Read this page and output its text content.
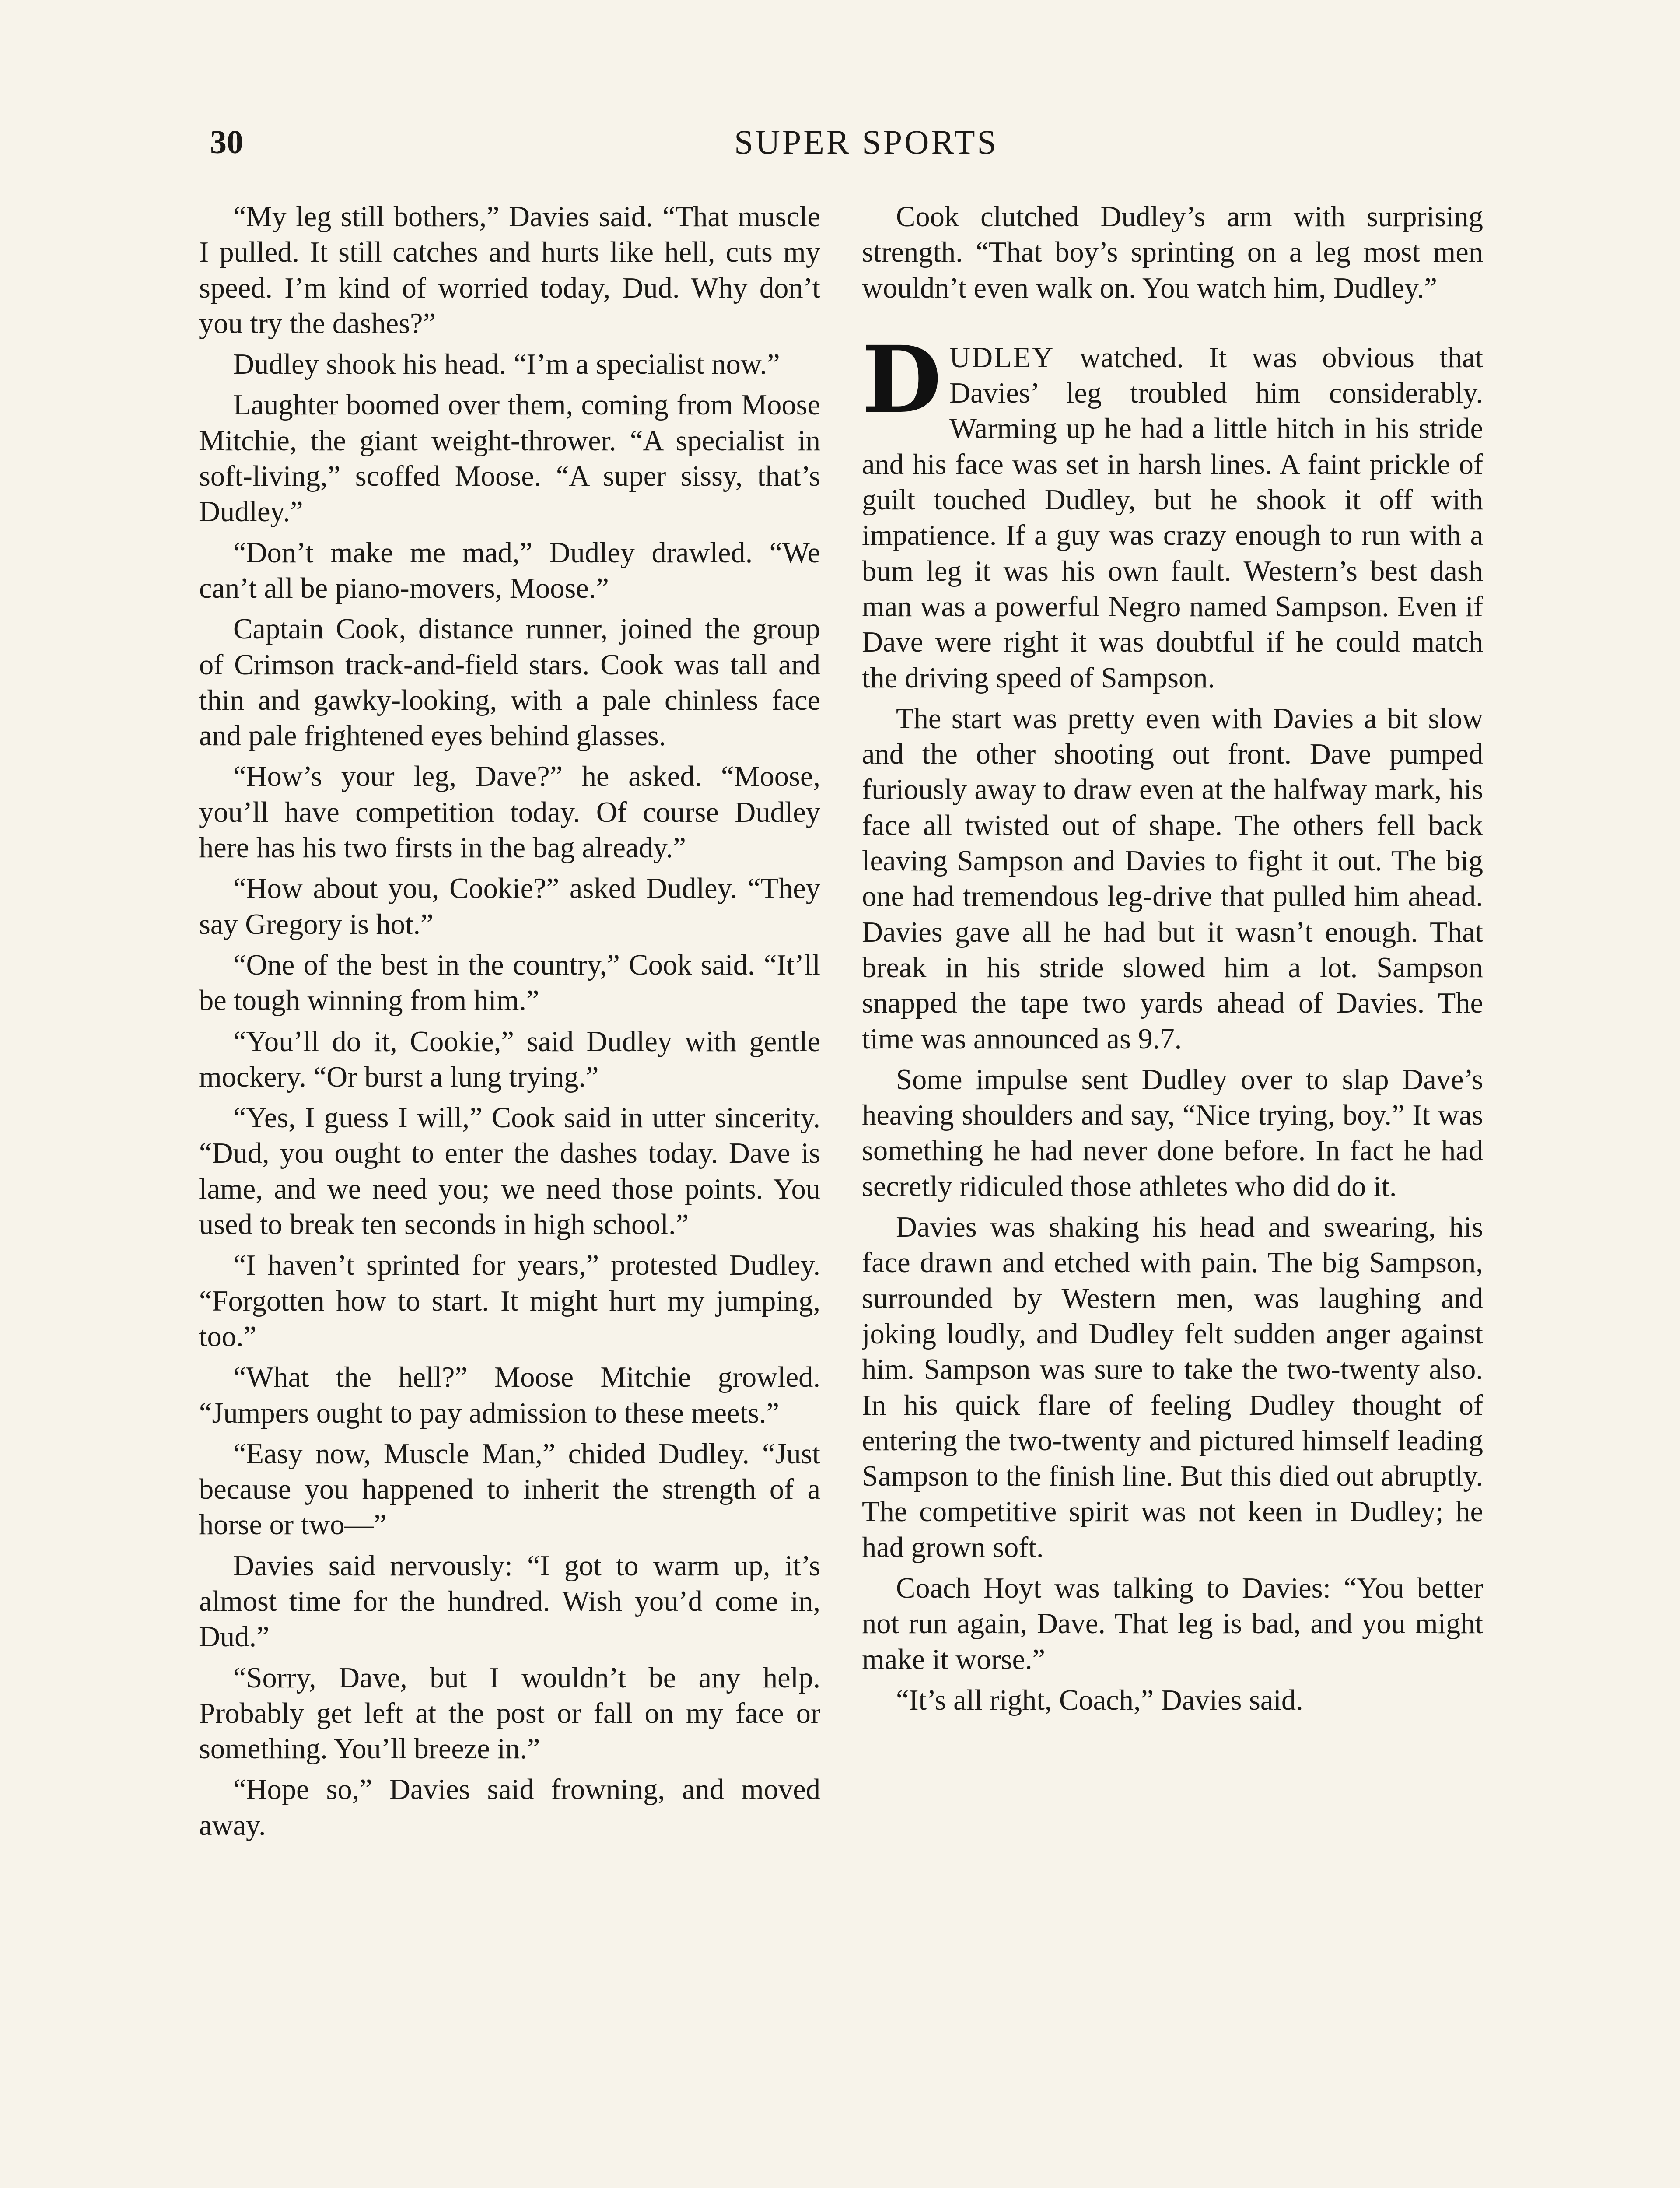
30	SUPER SPORTS

“My leg still bothers,” Davies said. “That muscle I pulled. It still catches and hurts like hell, cuts my speed. I’m kind of worried today, Dud. Why don’t you try the dashes?”

Dudley shook his head. “I’m a specialist now.”

Laughter boomed over them, coming from Moose Mitchie, the giant weight-thrower. “A specialist in soft-living,” scoffed Moose. “A super sissy, that’s Dudley.”

“Don’t make me mad,” Dudley drawled. “We can’t all be piano-movers, Moose.”

Captain Cook, distance runner, joined the group of Crimson track-and-field stars. Cook was tall and thin and gawky-looking, with a pale chinless face and pale frightened eyes behind glasses.

“How’s your leg, Dave?” he asked. “Moose, you’ll have competition today. Of course Dudley here has his two firsts in the bag already.”

“How about you, Cookie?” asked Dudley. “They say Gregory is hot.”

“One of the best in the country,” Cook said. “It’ll be tough winning from him.”

“You’ll do it, Cookie,” said Dudley with gentle mockery. “Or burst a lung trying.”

“Yes, I guess I will,” Cook said in utter sincerity. “Dud, you ought to enter the dashes today. Dave is lame, and we need you; we need those points. You used to break ten seconds in high school.”

“I haven’t sprinted for years,” protested Dudley. “Forgotten how to start. It might hurt my jumping, too.”

“What the hell?” Moose Mitchie growled. “Jumpers ought to pay admission to these meets.”

“Easy now, Muscle Man,” chided Dudley. “Just because you happened to inherit the strength of a horse or two—”

Davies said nervously: “I got to warm up, it’s almost time for the hundred. Wish you’d come in, Dud.”

“Sorry, Dave, but I wouldn’t be any help. Probably get left at the post or fall on my face or something. You’ll breeze in.”

“Hope so,” Davies said frowning, and moved away.

Cook clutched Dudley’s arm with surprising strength. “That boy’s sprinting on a leg most men wouldn’t even walk on. You watch him, Dudley.”

DUDLEY watched. It was obvious that Davies’ leg troubled him considerably. Warming up he had a little hitch in his stride and his face was set in harsh lines. A faint prickle of guilt touched Dudley, but he shook it off with impatience. If a guy was crazy enough to run with a bum leg it was his own fault. Western’s best dash man was a powerful Negro named Sampson. Even if Dave were right it was doubtful if he could match the driving speed of Sampson.

The start was pretty even with Davies a bit slow and the other shooting out front. Dave pumped furiously away to draw even at the halfway mark, his face all twisted out of shape. The others fell back leaving Sampson and Davies to fight it out. The big one had tremendous leg-drive that pulled him ahead. Davies gave all he had but it wasn’t enough. That break in his stride slowed him a lot. Sampson snapped the tape two yards ahead of Davies. The time was announced as 9.7.

Some impulse sent Dudley over to slap Dave’s heaving shoulders and say, “Nice trying, boy.” It was something he had never done before. In fact he had secretly ridiculed those athletes who did do it.

Davies was shaking his head and swearing, his face drawn and etched with pain. The big Sampson, surrounded by Western men, was laughing and joking loudly, and Dudley felt sudden anger against him. Sampson was sure to take the two-twenty also. In his quick flare of feeling Dudley thought of entering the two-twenty and pictured himself leading Sampson to the finish line. But this died out abruptly. The competitive spirit was not keen in Dudley; he had grown soft.

Coach Hoyt was talking to Davies: “You better not run again, Dave. That leg is bad, and you might make it worse.”

“It’s all right, Coach,” Davies said.
